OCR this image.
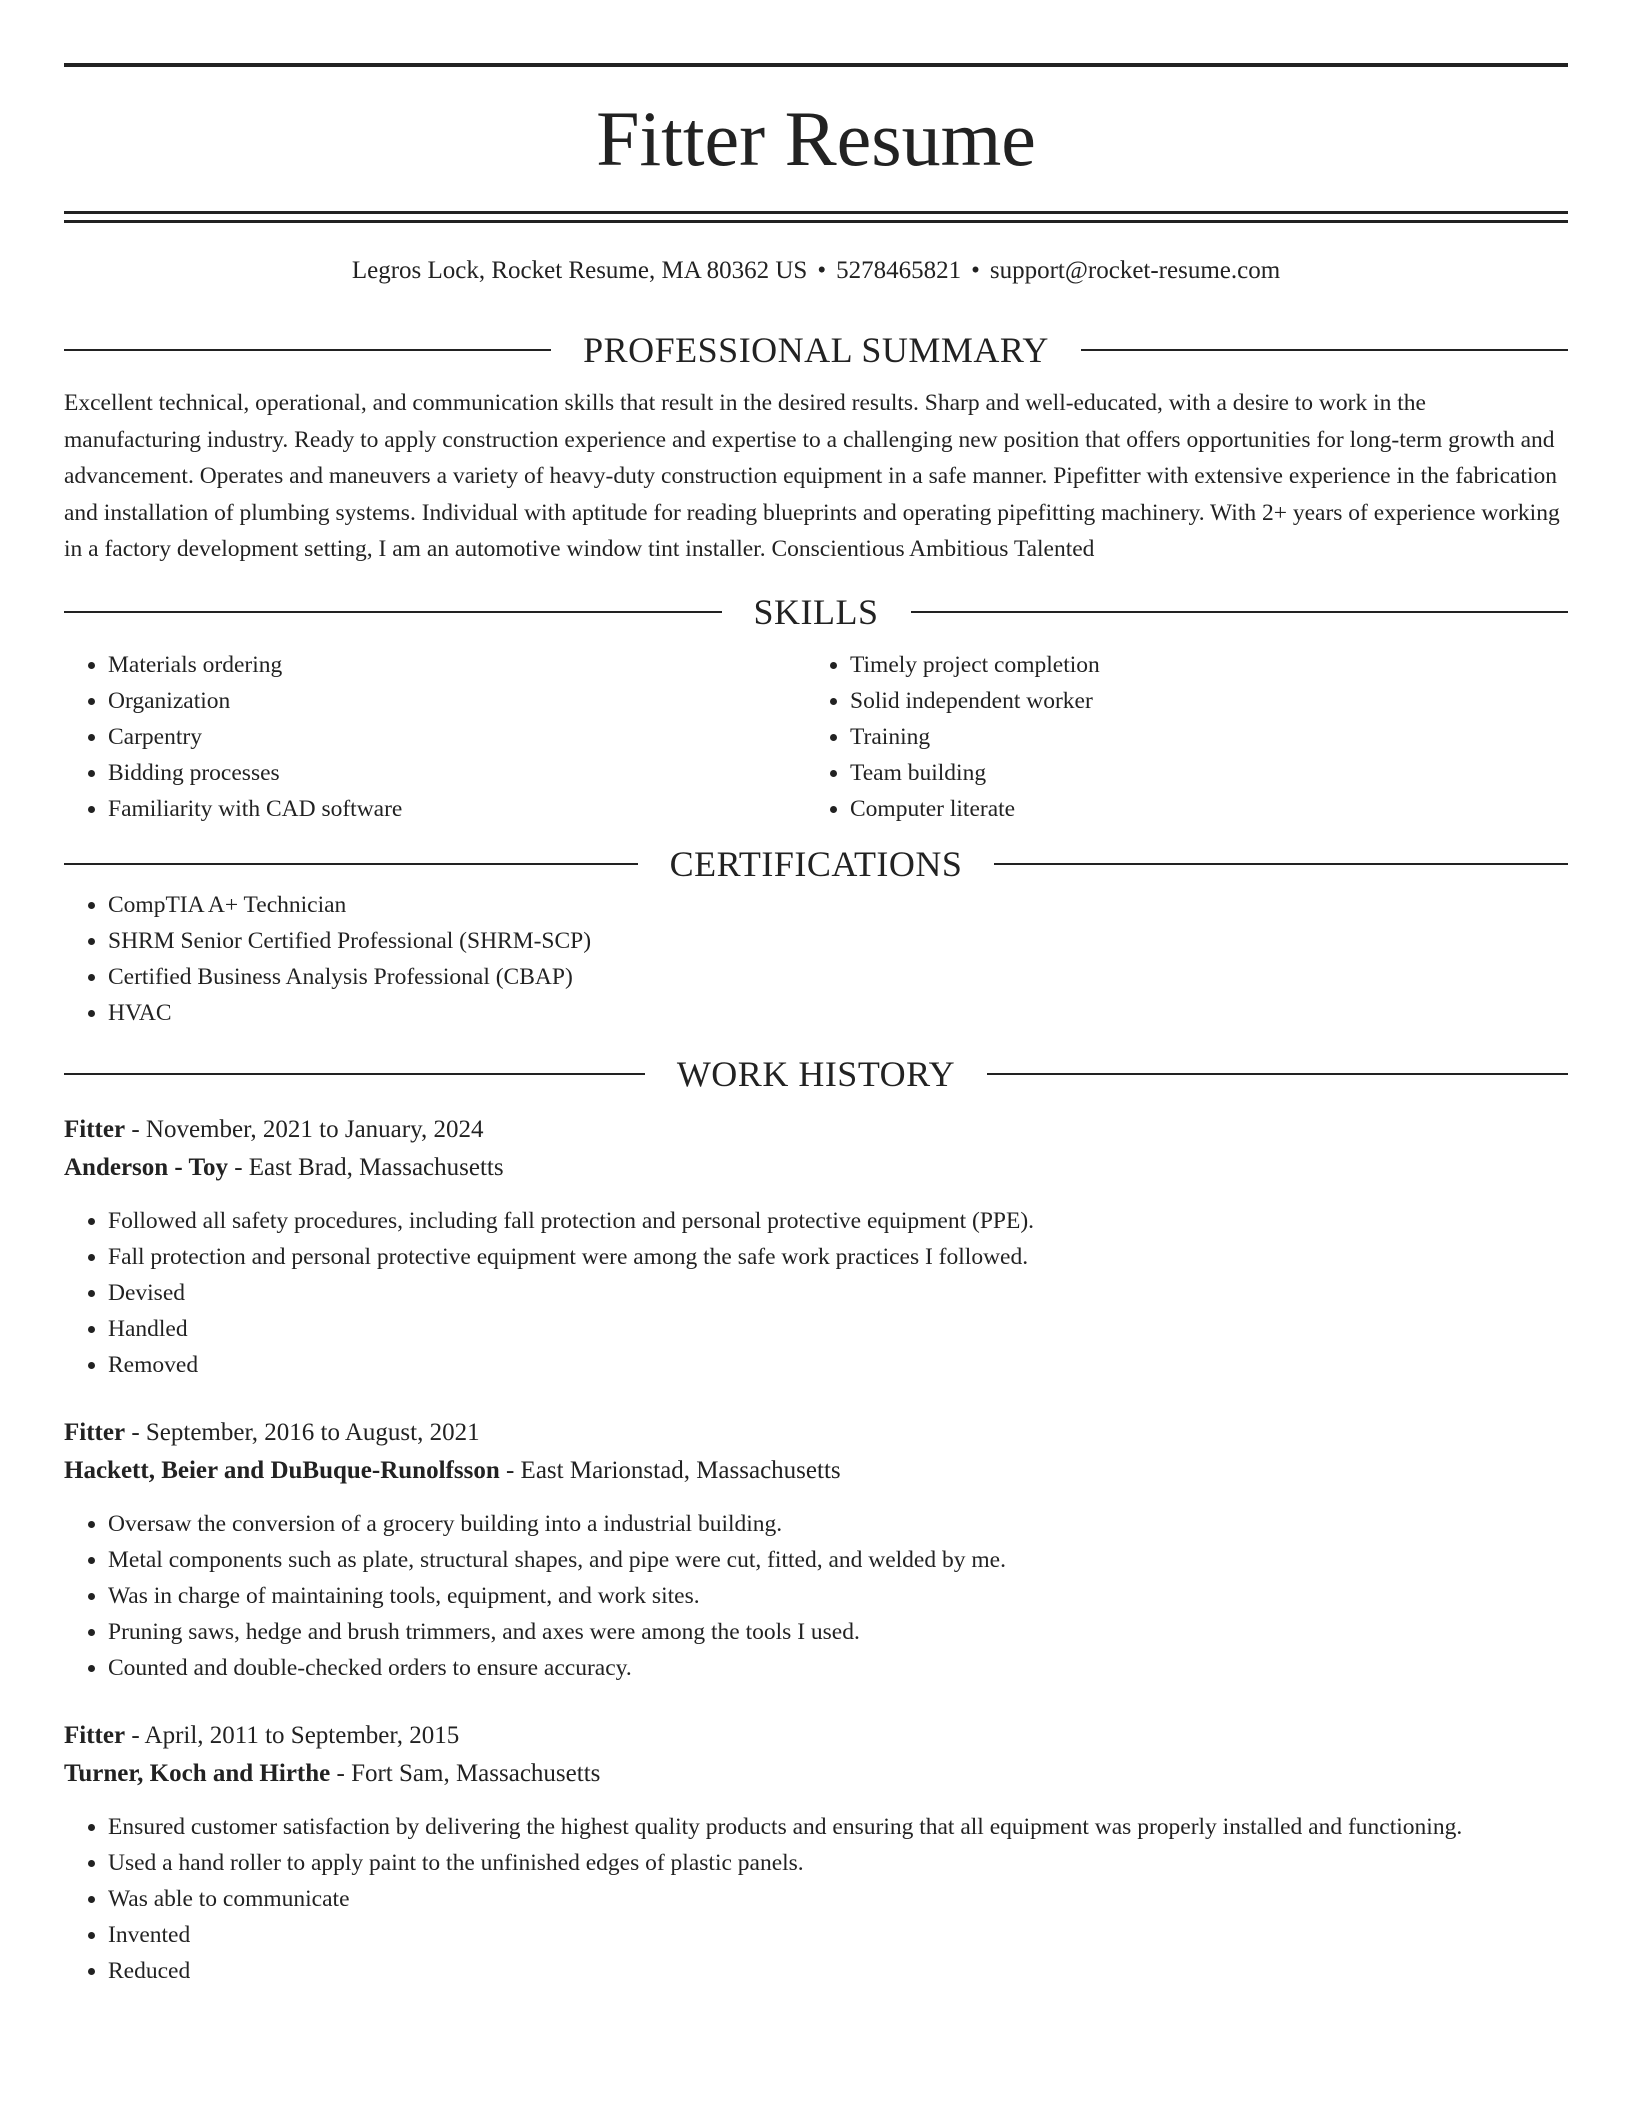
Fitter Resume
Legros Lock, Rocket Resume, MA 80362 US • 5278465821 • support@rocket-resume.com
PROFESSIONAL SUMMARY
Excellent technical, operational, and communication skills that result in the desired results. Sharp and well-educated, with a desire to work in the manufacturing industry. Ready to apply construction experience and expertise to a challenging new position that offers opportunities for long-term growth and advancement. Operates and maneuvers a variety of heavy-duty construction equipment in a safe manner. Pipefitter with extensive experience in the fabrication and installation of plumbing systems. Individual with aptitude for reading blueprints and operating pipefitting machinery. With 2+ years of experience working in a factory development setting, I am an automotive window tint installer. Conscientious Ambitious Talented
SKILLS
• Materials ordering
• Organization
• Carpentry
• Bidding processes
• Familiarity with CAD software
• Timely project completion
• Solid independent worker
• Training
• Team building
• Computer literate
CERTIFICATIONS
• CompTIA A+ Technician
• SHRM Senior Certified Professional (SHRM-SCP)
• Certified Business Analysis Professional (CBAP)
• HVAC
WORK HISTORY
Fitter - November, 2021 to January, 2024
Anderson - Toy - East Brad, Massachusetts
• Followed all safety procedures, including fall protection and personal protective equipment (PPE).
• Fall protection and personal protective equipment were among the safe work practices I followed.
• Devised
• Handled
• Removed
Fitter - September, 2016 to August, 2021
Hackett, Beier and DuBuque-Runolfsson - East Marionstad, Massachusetts
• Oversaw the conversion of a grocery building into a industrial building.
• Metal components such as plate, structural shapes, and pipe were cut, fitted, and welded by me.
• Was in charge of maintaining tools, equipment, and work sites.
• Pruning saws, hedge and brush trimmers, and axes were among the tools I used.
• Counted and double-checked orders to ensure accuracy.
Fitter - April, 2011 to September, 2015
Turner, Koch and Hirthe - Fort Sam, Massachusetts
• Ensured customer satisfaction by delivering the highest quality products and ensuring that all equipment was properly installed and functioning.
• Used a hand roller to apply paint to the unfinished edges of plastic panels.
• Was able to communicate
• Invented
• Reduced
